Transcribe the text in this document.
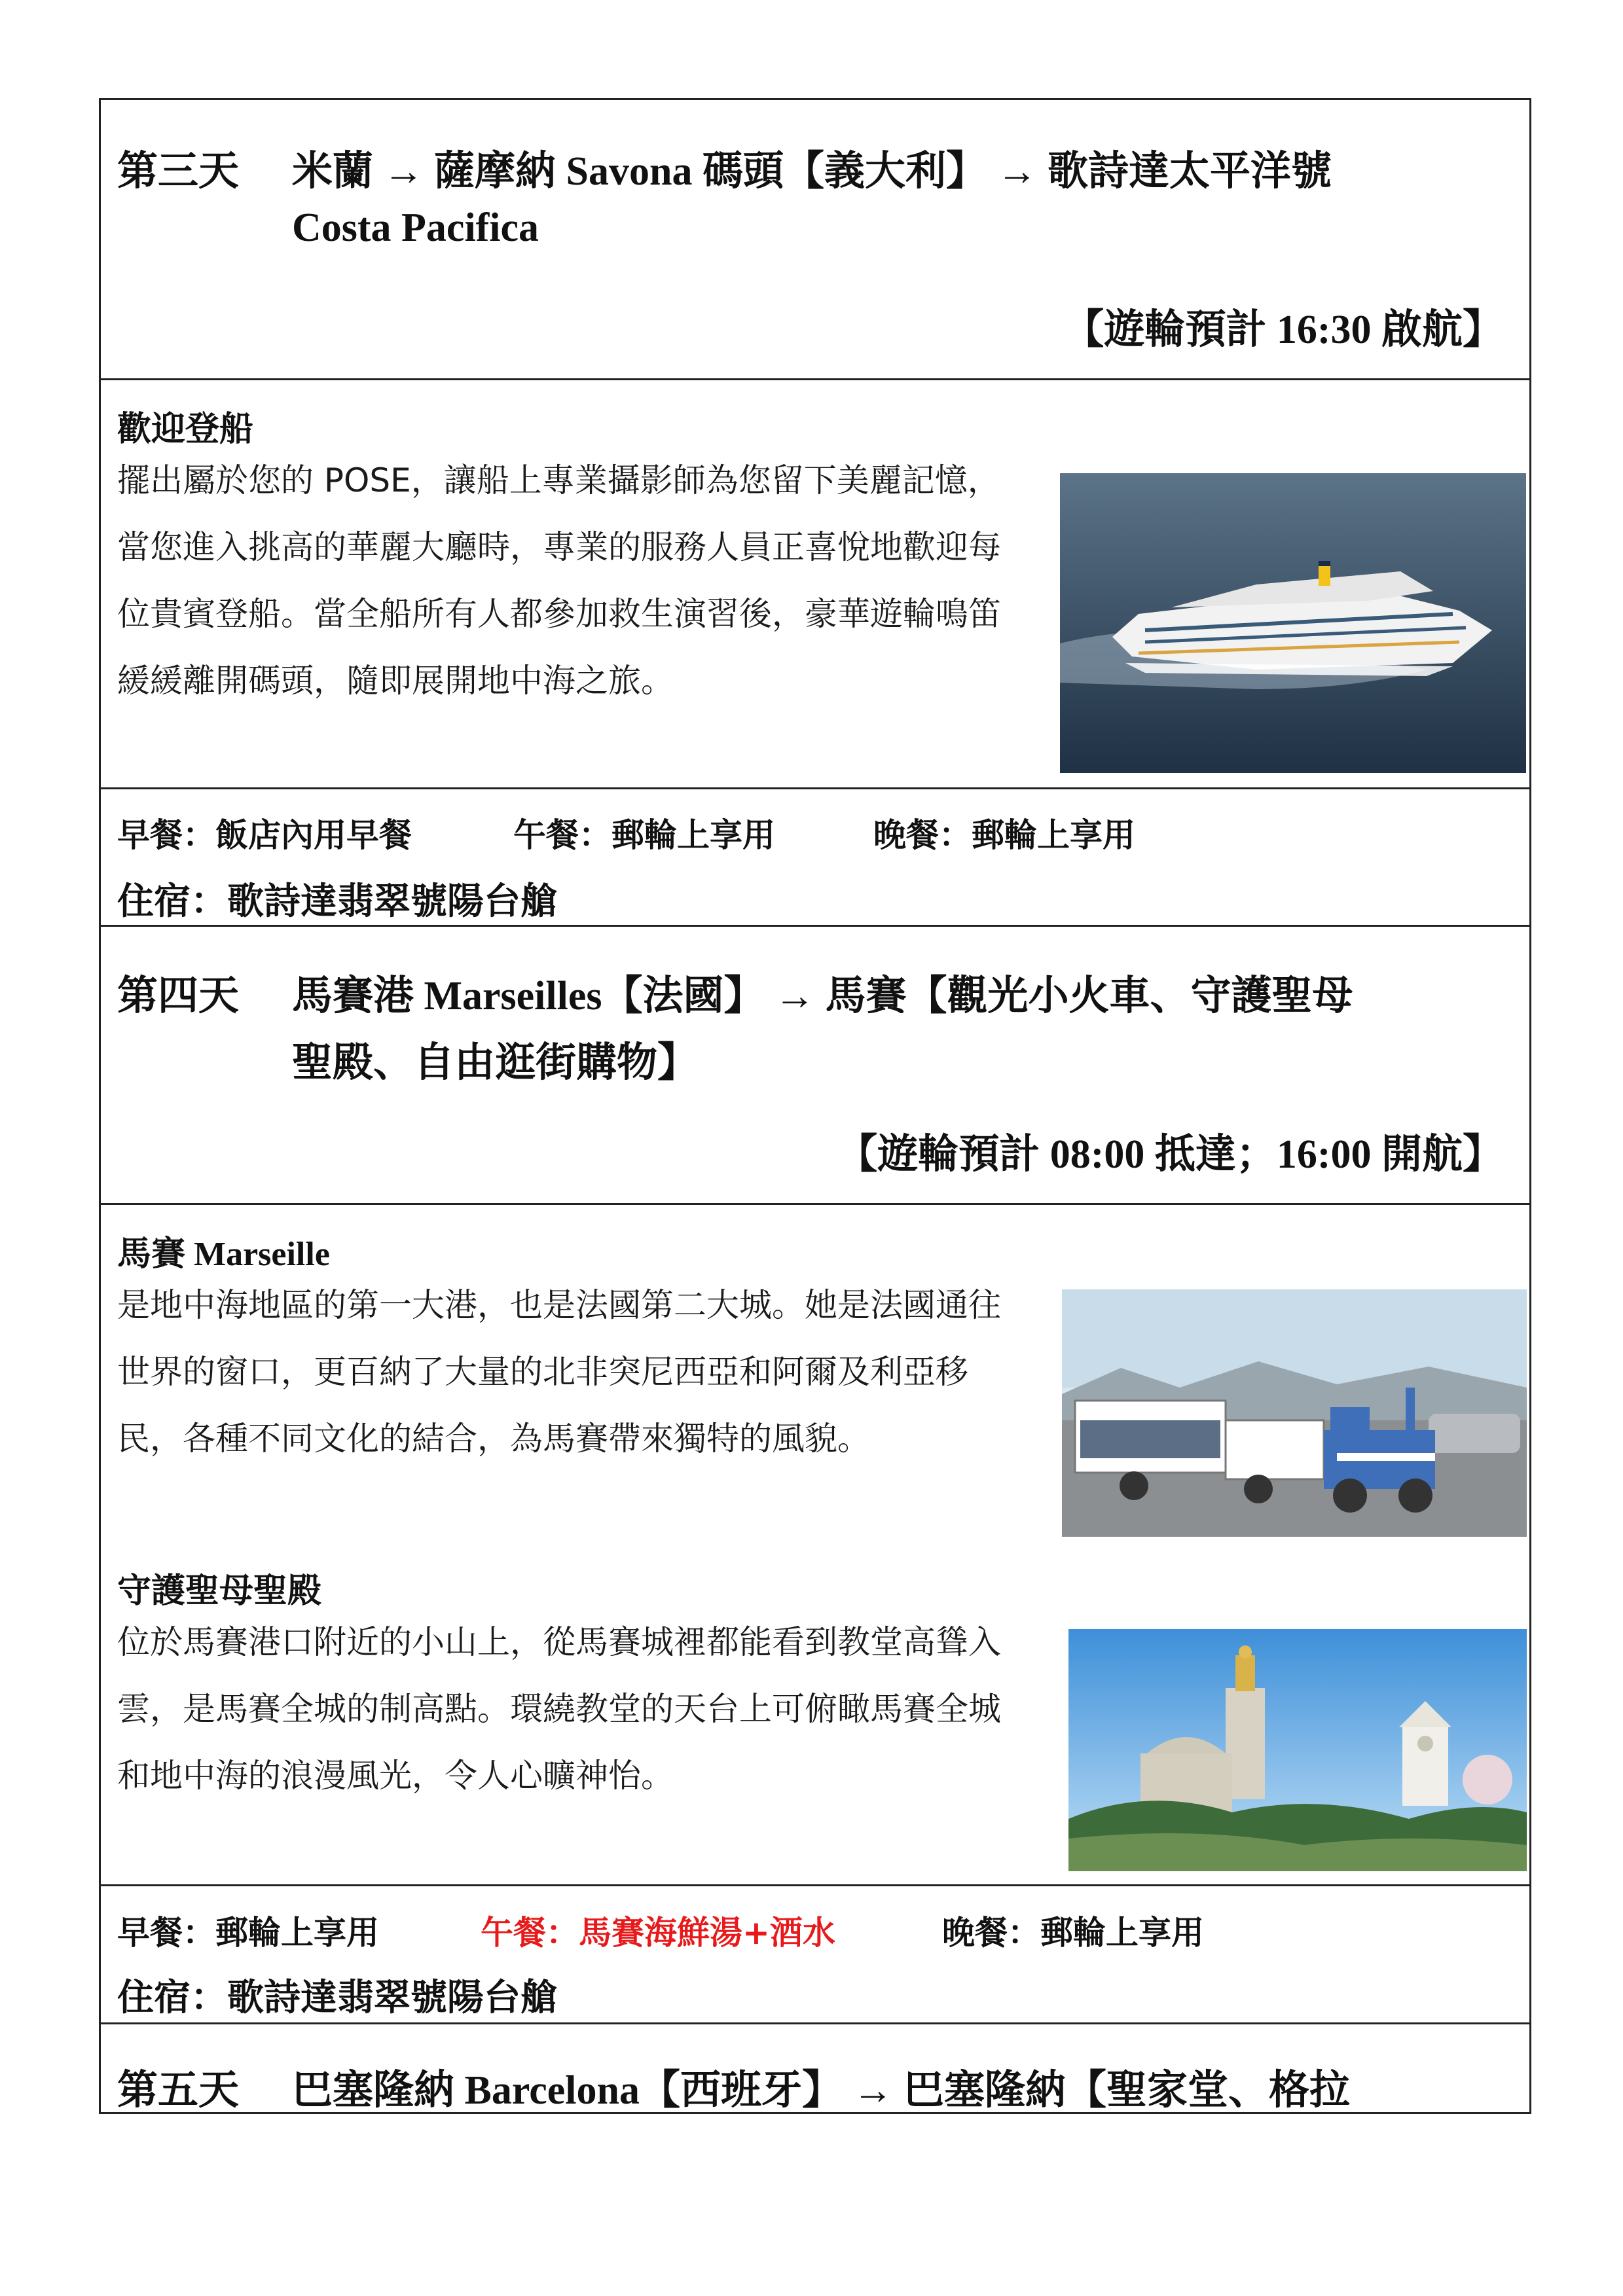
第三天 米蘭 → 薩摩納 Savona 碼頭【義大利】 → 歌詩達太平洋號
Costa Pacifica
【遊輪預計 16:30 啟航】
歡迎登船
擺出屬於您的 POSE，讓船上專業攝影師為您留下美麗記憶，當您進入挑高的華麗大廳時，專業的服務人員正喜悅地歡迎每位貴賓登船。當全船所有人都參加救生演習後，豪華遊輪鳴笛緩緩離開碼頭，隨即展開地中海之旅。
早餐：飯店內用早餐	午餐：郵輪上享用	晚餐：郵輪上享用
住宿：歌詩達翡翠號陽台艙
第四天 馬賽港 Marseilles【法國】 → 馬賽【觀光小火車、守護聖母
聖殿、自由逛街購物】
【遊輪預計 08:00 抵達；16:00 開航】
馬賽 Marseille
是地中海地區的第一大港，也是法國第二大城。她是法國通往世界的窗口，更百納了大量的北非突尼西亞和阿爾及利亞移民，各種不同文化的結合，為馬賽帶來獨特的風貌。
守護聖母聖殿
位於馬賽港口附近的小山上，從馬賽城裡都能看到教堂高聳入雲，是馬賽全城的制高點。環繞教堂的天台上可俯瞰馬賽全城和地中海的浪漫風光，令人心曠神怡。
早餐：郵輪上享用	午餐：馬賽海鮮湯+酒水	晚餐：郵輪上享用
住宿：歌詩達翡翠號陽台艙
第五天 巴塞隆納 Barcelona【西班牙】 → 巴塞隆納【聖家堂、格拉
